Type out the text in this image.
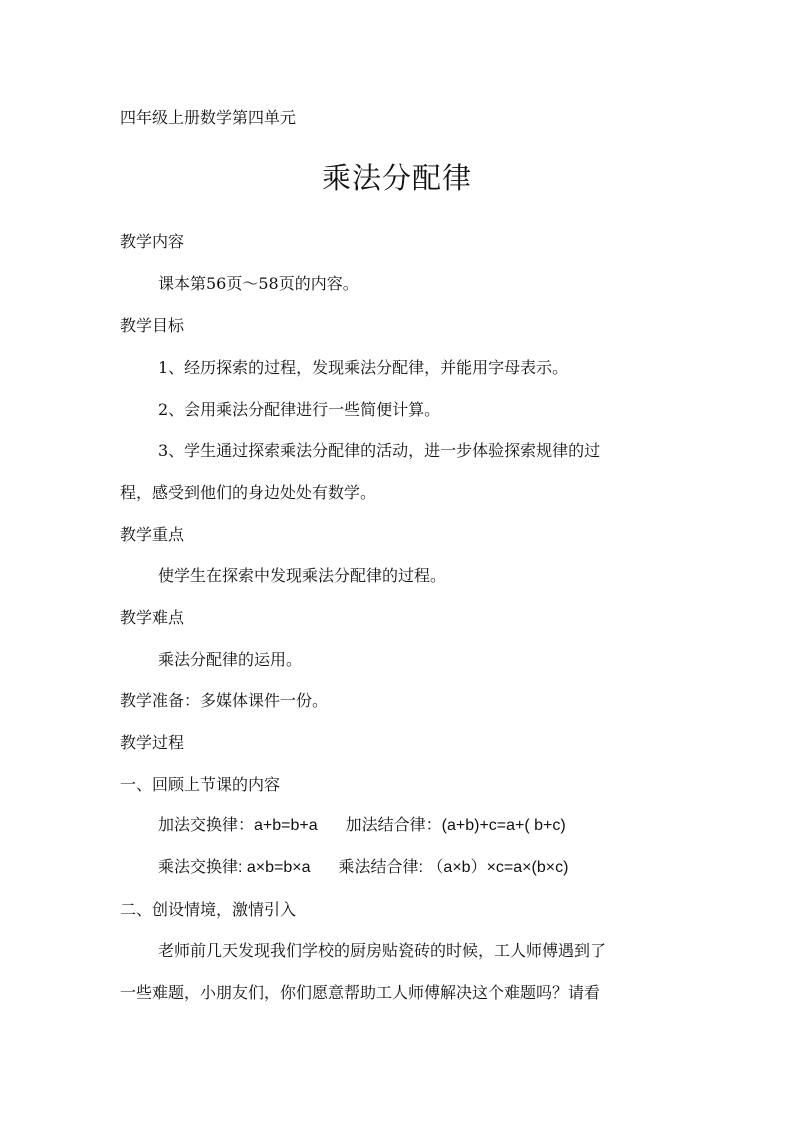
四年级上册数学第四单元
乘法分配律
教学内容
课本第56页～58页的内容。
教学目标
1、经历探索的过程，发现乘法分配律，并能用字母表示。
2、会用乘法分配律进行一些简便计算。
3、学生通过探索乘法分配律的活动，进一步体验探索规律的过
程，感受到他们的身边处处有数学。
教学重点
使学生在探索中发现乘法分配律的过程。
教学难点
乘法分配律的运用。
教学准备：多媒体课件一份。
教学过程
一、回顾上节课的内容
加法交换律：a+b=b+a 加法结合律：(a+b)+c=a+( b+c)
乘法交换律: a×b=b×a 乘法结合律: （a×b）×c=a×(b×c)
二、创设情境，激情引入
老师前几天发现我们学校的厨房贴瓷砖的时候，工人师傅遇到了
一些难题，小朋友们，你们愿意帮助工人师傅解决这个难题吗？请看
